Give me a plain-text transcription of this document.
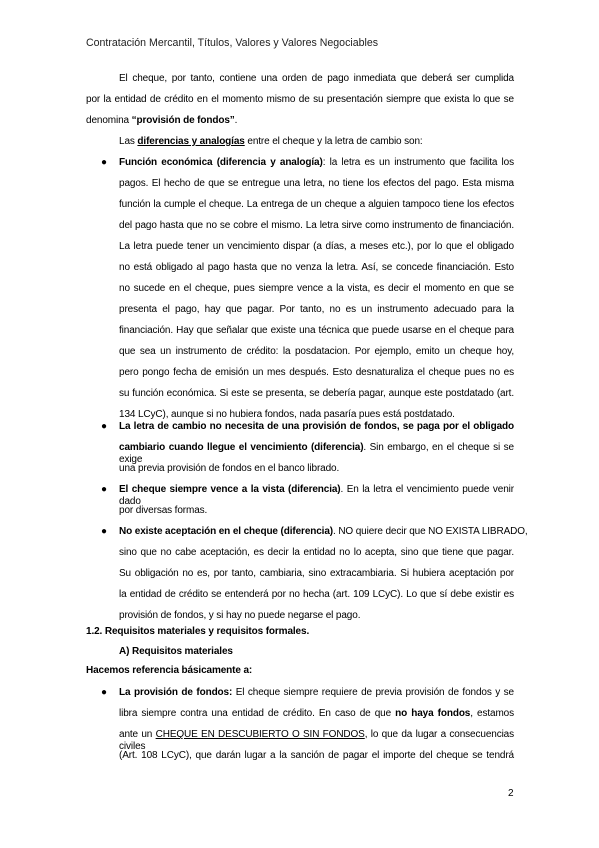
Contratación Mercantil, Títulos, Valores y Valores Negociables
El cheque, por tanto, contiene una orden de pago inmediata que deberá ser cumplida
por la entidad de crédito en el momento mismo de su presentación siempre que exista lo que se
denomina “provisión de fondos”.
Las diferencias y analogías entre el cheque y la letra de cambio son:
● Función económica (diferencia y analogía): la letra es un instrumento que facilita los
pagos. El hecho de que se entregue una letra, no tiene los efectos del pago. Esta misma
función la cumple el cheque. La entrega de un cheque a alguien tampoco tiene los efectos
del pago hasta que no se cobre el mismo. La letra sirve como instrumento de financiación.
La letra puede tener un vencimiento dispar (a días, a meses etc.), por lo que el obligado
no está obligado al pago hasta que no venza la letra. Así, se concede financiación. Esto
no sucede en el cheque, pues siempre vence a la vista, es decir el momento en que se
presenta el pago, hay que pagar. Por tanto, no es un instrumento adecuado para la
financiación. Hay que señalar que existe una técnica que puede usarse en el cheque para
que sea un instrumento de crédito: la posdatacion. Por ejemplo, emito un cheque hoy,
pero pongo fecha de emisión un mes después. Esto desnaturaliza el cheque pues no es
su función económica. Si este se presenta, se debería pagar, aunque este postdatado (art.
134 LCyC), aunque si no hubiera fondos, nada pasaría pues está postdatado.
● La letra de cambio no necesita de una provisión de fondos, se paga por el obligado
cambiario cuando llegue el vencimiento (diferencia). Sin embargo, en el cheque si se exige
una previa provisión de fondos en el banco librado.
● El cheque siempre vence a la vista (diferencia). En la letra el vencimiento puede venir dado
por diversas formas.
● No existe aceptación en el cheque (diferencia). NO quiere decir que NO EXISTA LIBRADO,
sino que no cabe aceptación, es decir la entidad no lo acepta, sino que tiene que pagar.
Su obligación no es, por tanto, cambiaria, sino extracambiaria. Si hubiera aceptación por
la entidad de crédito se entenderá por no hecha (art. 109 LCyC). Lo que sí debe existir es
provisión de fondos, y si hay no puede negarse el pago.
1.2. Requisitos materiales y requisitos formales.
A) Requisitos materiales
Hacemos referencia básicamente a:
● La provisión de fondos: El cheque siempre requiere de previa provisión de fondos y se
libra siempre contra una entidad de crédito. En caso de que no haya fondos, estamos
ante un CHEQUE EN DESCUBIERTO O SIN FONDOS, lo que da lugar a consecuencias civiles
(Art. 108 LCyC), que darán lugar a la sanción de pagar el importe del cheque se tendrá
2
